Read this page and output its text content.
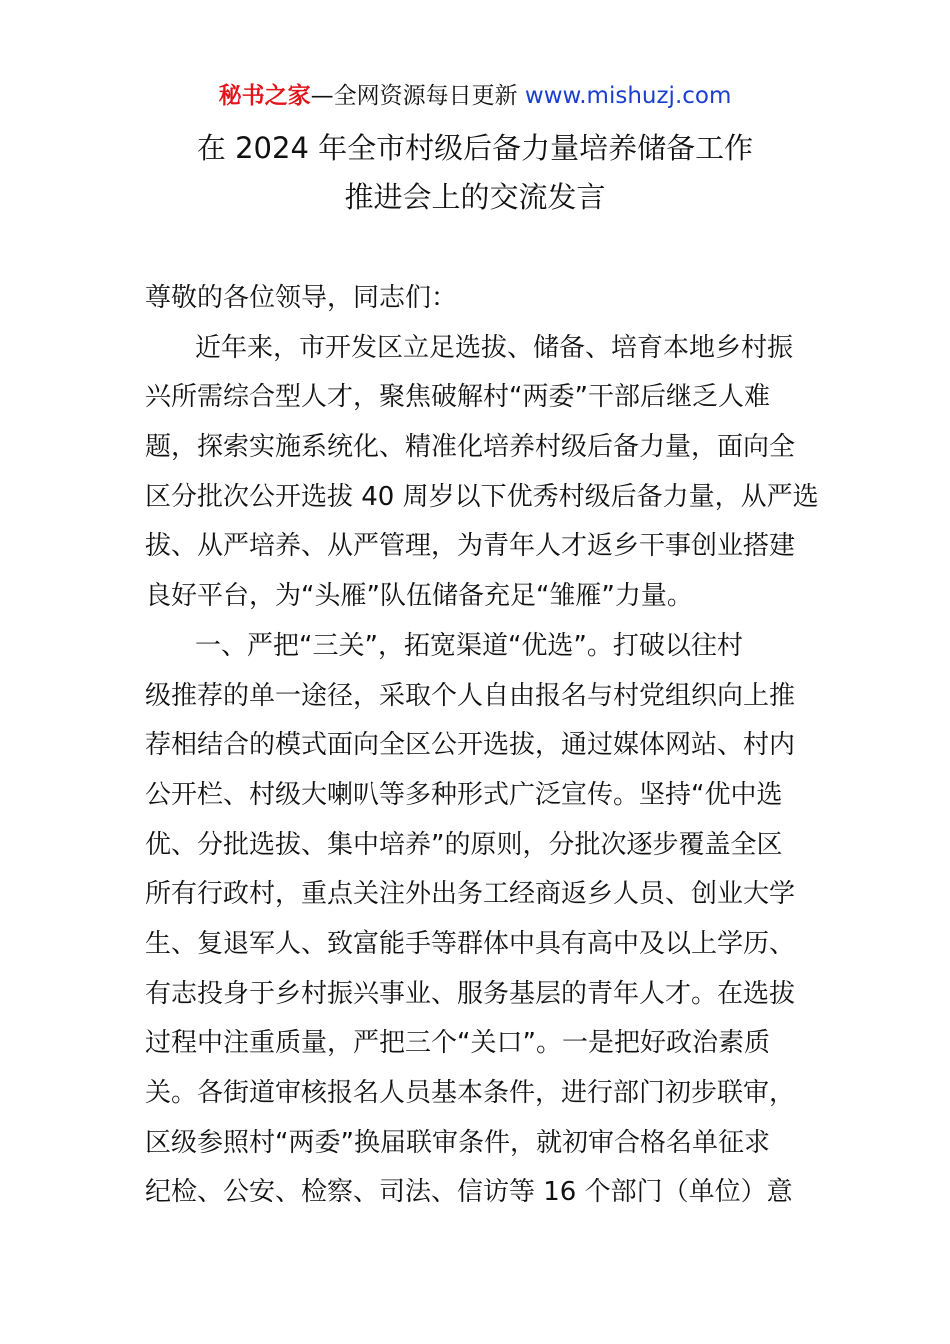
秘书之家—全网资源每日更新 www.mishuzj.com
在 2024 年全市村级后备力量培养储备工作
推进会上的交流发言
尊敬的各位领导，同志们：
近年来，市开发区立足选拔、储备、培育本地乡村振
兴所需综合型人才，聚焦破解村“两委”干部后继乏人难
题，探索实施系统化、精准化培养村级后备力量，面向全
区分批次公开选拔 40 周岁以下优秀村级后备力量，从严选
拔、从严培养、从严管理，为青年人才返乡干事创业搭建
良好平台，为“头雁”队伍储备充足“雏雁”力量。
一、严把“三关”，拓宽渠道“优选”。打破以往村
级推荐的单一途径，采取个人自由报名与村党组织向上推
荐相结合的模式面向全区公开选拔，通过媒体网站、村内
公开栏、村级大喇叭等多种形式广泛宣传。坚持“优中选
优、分批选拔、集中培养”的原则，分批次逐步覆盖全区
所有行政村，重点关注外出务工经商返乡人员、创业大学
生、复退军人、致富能手等群体中具有高中及以上学历、
有志投身于乡村振兴事业、服务基层的青年人才。在选拔
过程中注重质量，严把三个“关口”。一是把好政治素质
关。各街道审核报名人员基本条件，进行部门初步联审，
区级参照村“两委”换届联审条件，就初审合格名单征求
纪检、公安、检察、司法、信访等 16 个部门（单位）意
